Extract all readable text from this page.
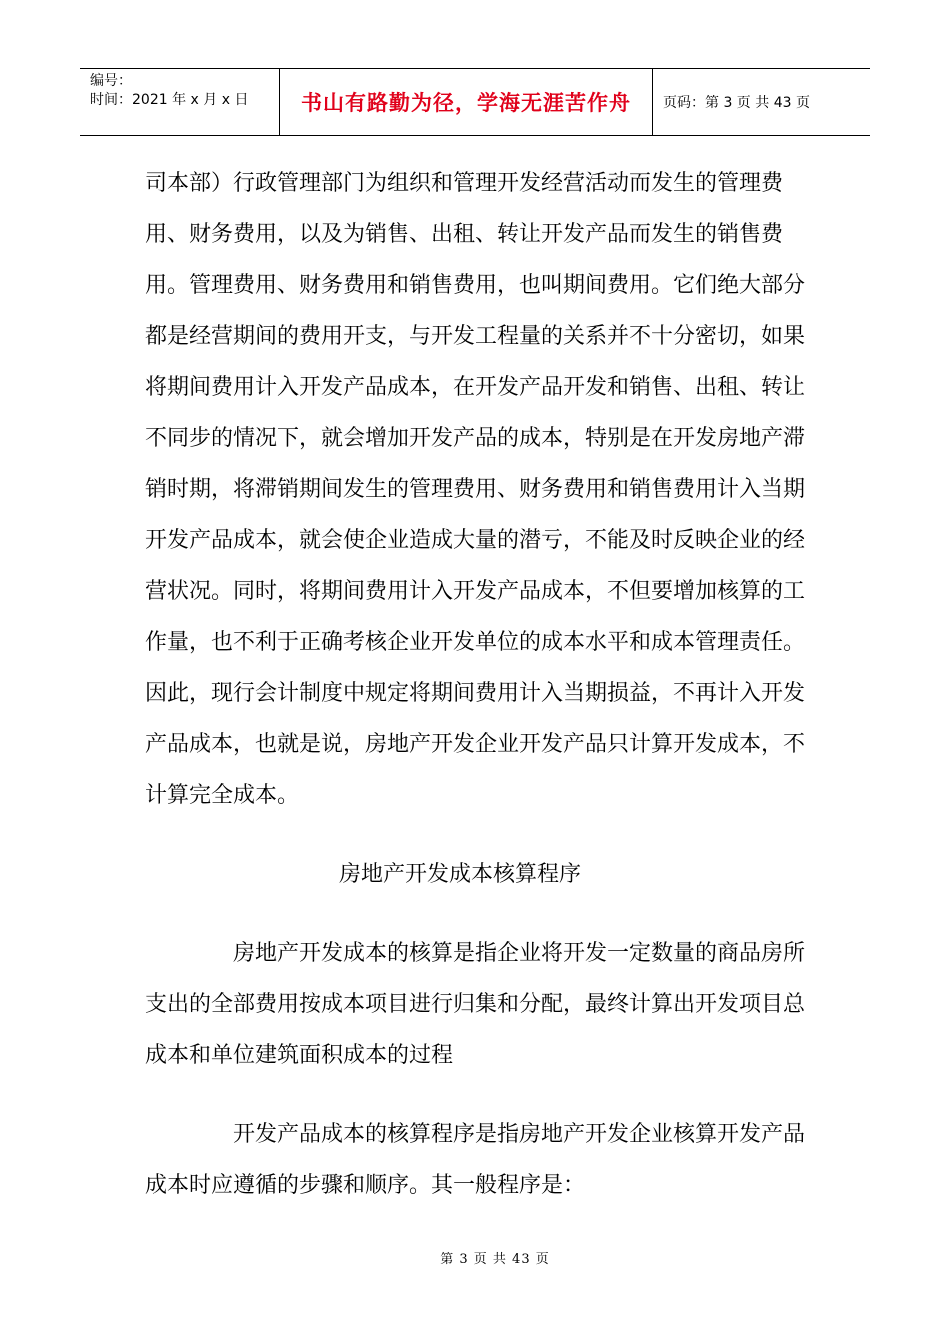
编号：
时间：2021 年 x 月 x 日	书山有路勤为径，学海无涯苦作舟 页码：第 3 页 共 43 页

司本部）行政管理部门为组织和管理开发经营活动而发生的管理费用、财务费用，以及为销售、出租、转让开发产品而发生的销售费用。管理费用、财务费用和销售费用，也叫期间费用。它们绝大部分都是经营期间的费用开支，与开发工程量的关系并不十分密切，如果将期间费用计入开发产品成本，在开发产品开发和销售、出租、转让不同步的情况下，就会增加开发产品的成本，特别是在开发房地产滞销时期，将滞销期间发生的管理费用、财务费用和销售费用计入当期开发产品成本，就会使企业造成大量的潜亏，不能及时反映企业的经营状况。同时，将期间费用计入开发产品成本，不但要增加核算的工作量，也不利于正确考核企业开发单位的成本水平和成本管理责任。因此，现行会计制度中规定将期间费用计入当期损益，不再计入开发产品成本，也就是说，房地产开发企业开发产品只计算开发成本，不计算完全成本。

房地产开发成本核算程序

房地产开发成本的核算是指企业将开发一定数量的商品房所支出的全部费用按成本项目进行归集和分配，最终计算出开发项目总成本和单位建筑面积成本的过程

开发产品成本的核算程序是指房地产开发企业核算开发产品成本时应遵循的步骤和顺序。其一般程序是：

第 3 页 共 43 页
